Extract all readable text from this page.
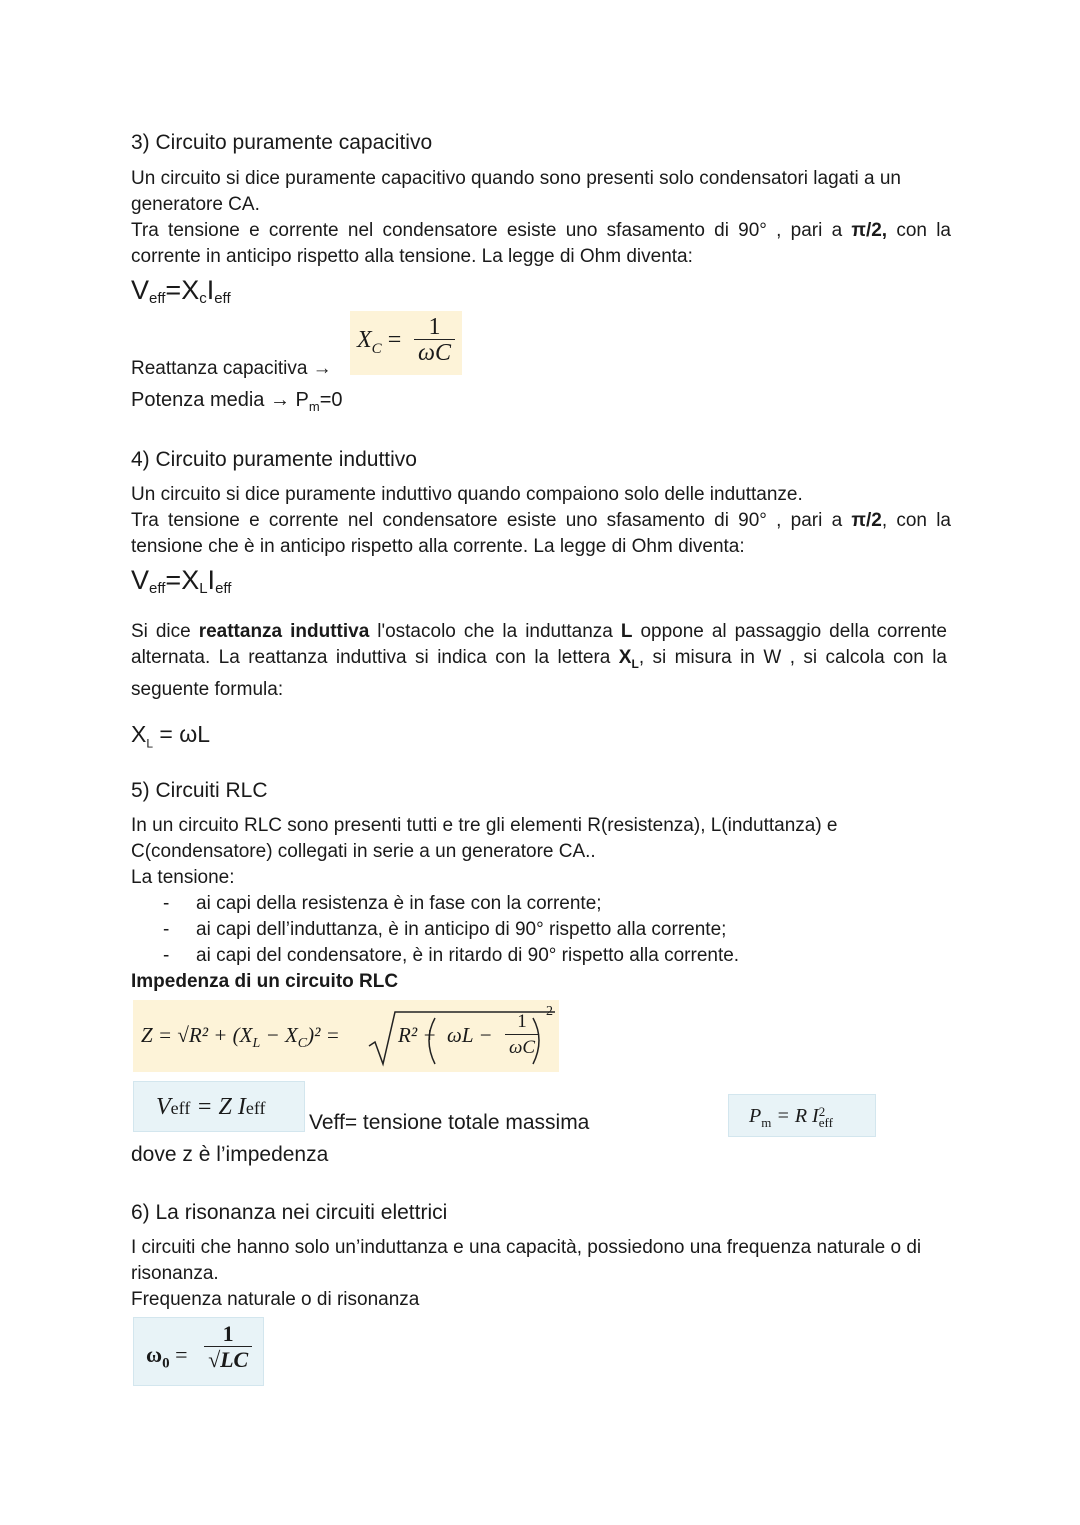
3) Circuito puramente capacitivo
Un circuito si dice puramente capacitivo quando sono presenti solo condensatori lagati a un generatore CA.
Tra tensione e corrente nel condensatore esiste uno sfasamento di 90° , pari a π/2, con la corrente in anticipo rispetto alla tensione. La legge di Ohm diventa:
$V_{eff}=X_cI_{eff}$
$X_C = \frac{1}{\omega C}$
Reattanza capacitiva →
Potenza media → $P_m=0$
4) Circuito puramente induttivo
Un circuito si dice puramente induttivo quando compaiono solo delle induttanze.
Tra tensione e corrente nel condensatore esiste uno sfasamento di 90° , pari a π/2, con la tensione che è in anticipo rispetto alla corrente. La legge di Ohm diventa:
$V_{eff}=X_LI_{eff}$
Si dice reattanza induttiva l'ostacolo che la induttanza L oppone al passaggio della corrente alternata. La reattanza induttiva si indica con la lettera $X_L$, si misura in W , si calcola con la seguente formula:
$X_L = \omega L$
5) Circuiti RLC
In un circuito RLC sono presenti tutti e tre gli elementi R(resistenza), L(induttanza) e C(condensatore) collegati in serie a un generatore CA..
La tensione:
- ai capi della resistenza è in fase con la corrente;
- ai capi dell’induttanza, è in anticipo di 90° rispetto alla corrente;
- ai capi del condensatore, è in ritardo di 90° rispetto alla corrente.
Impedenza di un circuito RLC
$Z = √R^2 + (X_L - X_C)^2$ =	$R^2 + \omega L - \frac{1}{\omega C} 2$
Veff = Z Ieff
Veff= tensione totale massima	$P_m = R$ I 2
eff
dove z è l’impedenza
6) La risonanza nei circuiti elettrici
I circuiti che hanno solo un’induttanza e una capacità, possiedono una frequenza naturale o di risonanza.
Frequenza naturale o di risonanza
$\omega_0 = \frac{1}{√LC}$
